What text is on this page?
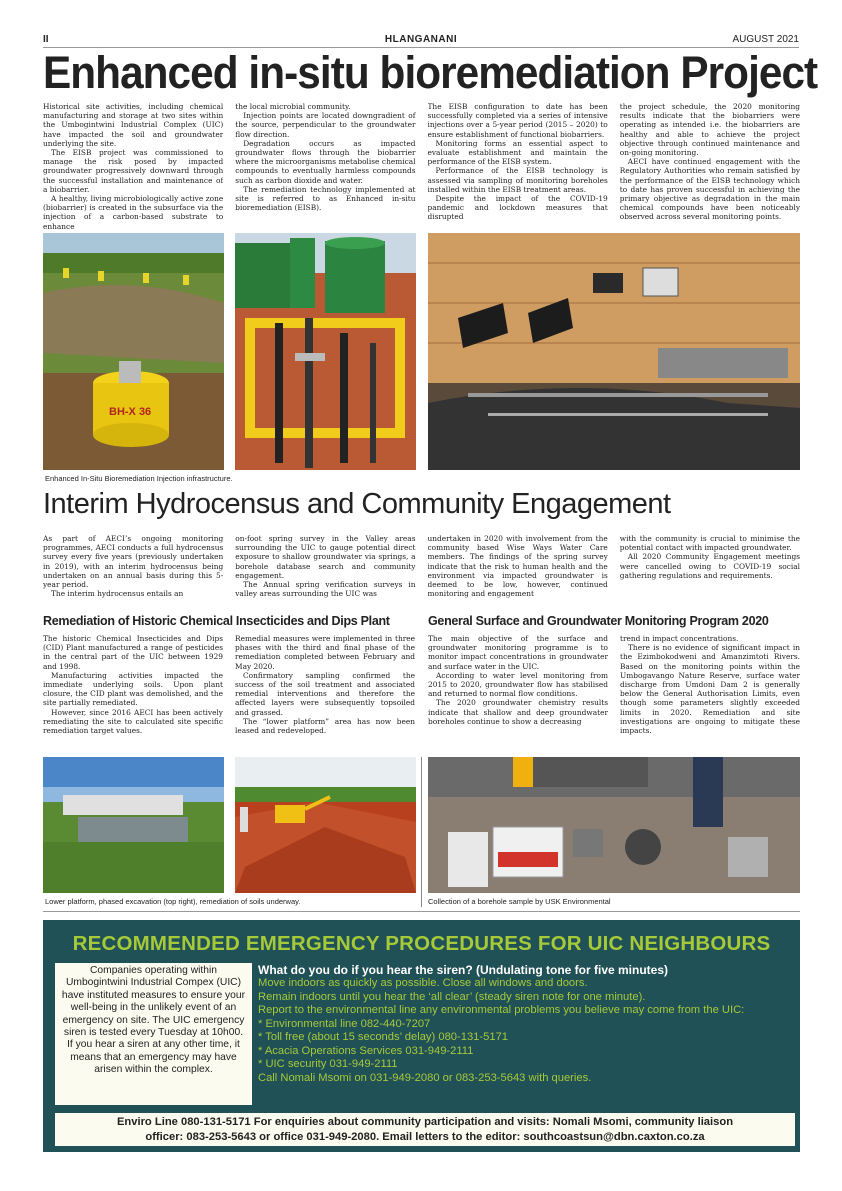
II	HLANGANANI	AUGUST 2021
Enhanced in-situ bioremediation Project

Historical site activities, including chemical manufacturing and storage at two sites within the Umbogintwini Industrial Complex (UIC) have impacted the soil and groundwater underlying the site.

The EISB project was commissioned to manage the risk posed by impacted groundwater progressively downward through the successful installation and maintenance of a biobarrier.

A healthy, living microbiologically active zone (biobarrier) is created in the subsurface via the injection of a carbon-based substrate to enhance

the local microbial community.

Injection points are located downgradient of the source, perpendicular to the groundwater flow direction.

Degradation occurs as impacted groundwater flows through the biobarrier where the microorganisms metabolise chemical compounds to eventually harmless compounds such as carbon dioxide and water.

The remediation technology implemented at site is referred to as Enhanced in-situ bioremediation (EISB).

The EISB configuration to date has been successfully completed via a series of intensive injections over a 5-year period (2015 – 2020) to ensure establishment of functional biobarriers.

Monitoring forms an essential aspect to evaluate establishment and maintain the performance of the EISB system.

Performance of the EISB technology is assessed via sampling of monitoring boreholes installed within the EISB treatment areas.

Despite the impact of the COVID-19 pandemic and lockdown measures that disrupted

the project schedule, the 2020 monitoring results indicate that the biobarriers were operating as intended i.e. the biobarriers are healthy and able to achieve the project objective through continued maintenance and on-going monitoring.

AECI have continued engagement with the Regulatory Authorities who remain satisfied by the performance of the EISB technology which to date has proven successful in achieving the primary objective as degradation in the main chemical compounds have been noticeably observed across several monitoring points.

BH-X 36
Enhanced In-Situ Bioremediation Injection infrastructure.
Interim Hydrocensus and Community Engagement

As part of AECI’s ongoing monitoring programmes, AECI conducts a full hydrocensus survey every five years (previously undertaken in 2019), with an interim hydrocensus being undertaken on an annual basis during this 5-year period.

The interim hydrocensus entails an

on-foot spring survey in the Valley areas surrounding the UIC to gauge potential direct exposure to shallow groundwater via springs, a borehole database search and community engagement.

The Annual spring verification surveys in valley areas surrounding the UIC was

undertaken in 2020 with involvement from the community based Wise Ways Water Care members. The findings of the spring survey indicate that the risk to human health and the environment via impacted groundwater is deemed to be low, however, continued monitoring and engagement

with the community is crucial to minimise the potential contact with impacted groundwater.

All 2020 Community Engagement meetings were cancelled owing to COVID-19 social gathering regulations and requirements.

Remediation of Historic Chemical Insecticides and Dips Plant	General Surface and Groundwater Monitoring Program 2020

The historic Chemical Insecticides and Dips (CID) Plant manufactured a range of pesticides in the central part of the UIC between 1929 and 1998.

Manufacturing activities impacted the immediate underlying soils. Upon plant closure, the CID plant was demolished, and the site partially remediated.

However, since 2016 AECI has been actively remediating the site to calculated site specific remediation target values.

Remedial measures were implemented in three phases with the third and final phase of the remediation completed between February and May 2020.

Confirmatory sampling confirmed the success of the soil treatment and associated remedial interventions and therefore the affected layers were subsequently topsoiled and grassed.

The “lower platform” area has now been leased and redeveloped.

The main objective of the surface and groundwater monitoring programme is to monitor impact concentrations in groundwater and surface water in the UIC.

According to water level monitoring from 2015 to 2020, groundwater flow has stabilised and returned to normal flow conditions.

The 2020 groundwater chemistry results indicate that shallow and deep groundwater boreholes continue to show a decreasing

trend in impact concentrations.

There is no evidence of significant impact in the Ezimbokodweni and Amanzimtoti Rivers. Based on the monitoring points within the Umbogavango Nature Reserve, surface water discharge from Umdoni Dam 2 is generally below the General Authorisation Limits, even though some parameters slightly exceeded limits in 2020. Remediation and site investigations are ongoing to mitigate these impacts.

Lower platform, phased excavation (top right), remediation of soils underway.	Collection of a borehole sample by USK Environmental
RECOMMENDED EMERGENCY PROCEDURES FOR UIC NEIGHBOURS
Companies operating within Umbogintwini Industrial Compex (UIC) have instituted measures to ensure your well-being in the unlikely event of an emergency on site. The UIC emergency siren is tested every Tuesday at 10h00. If you hear a siren at any other time, it means that an emergency may have arisen within the complex.
What do you do if you hear the siren? (Undulating tone for five minutes)
Move indoors as quickly as possible. Close all windows and doors.
Remain indoors until you hear the ‘all clear’ (steady siren note for one minute).
Report to the environmental line any environmental problems you believe may come from the UIC:
* Environmental line 082-440-7207
* Toll free (about 15 seconds’ delay) 080-131-5171
* Acacia Operations Services 031-949-2111
* UIC security 031-949-2111
Call Nomali Msomi on 031-949-2080 or 083-253-5643 with queries.
Enviro Line 080-131-5171 For enquiries about community participation and visits: Nomali Msomi, community liaison
officer: 083-253-5643 or office 031-949-2080. Email letters to the editor: southcoastsun@dbn.caxton.co.za
